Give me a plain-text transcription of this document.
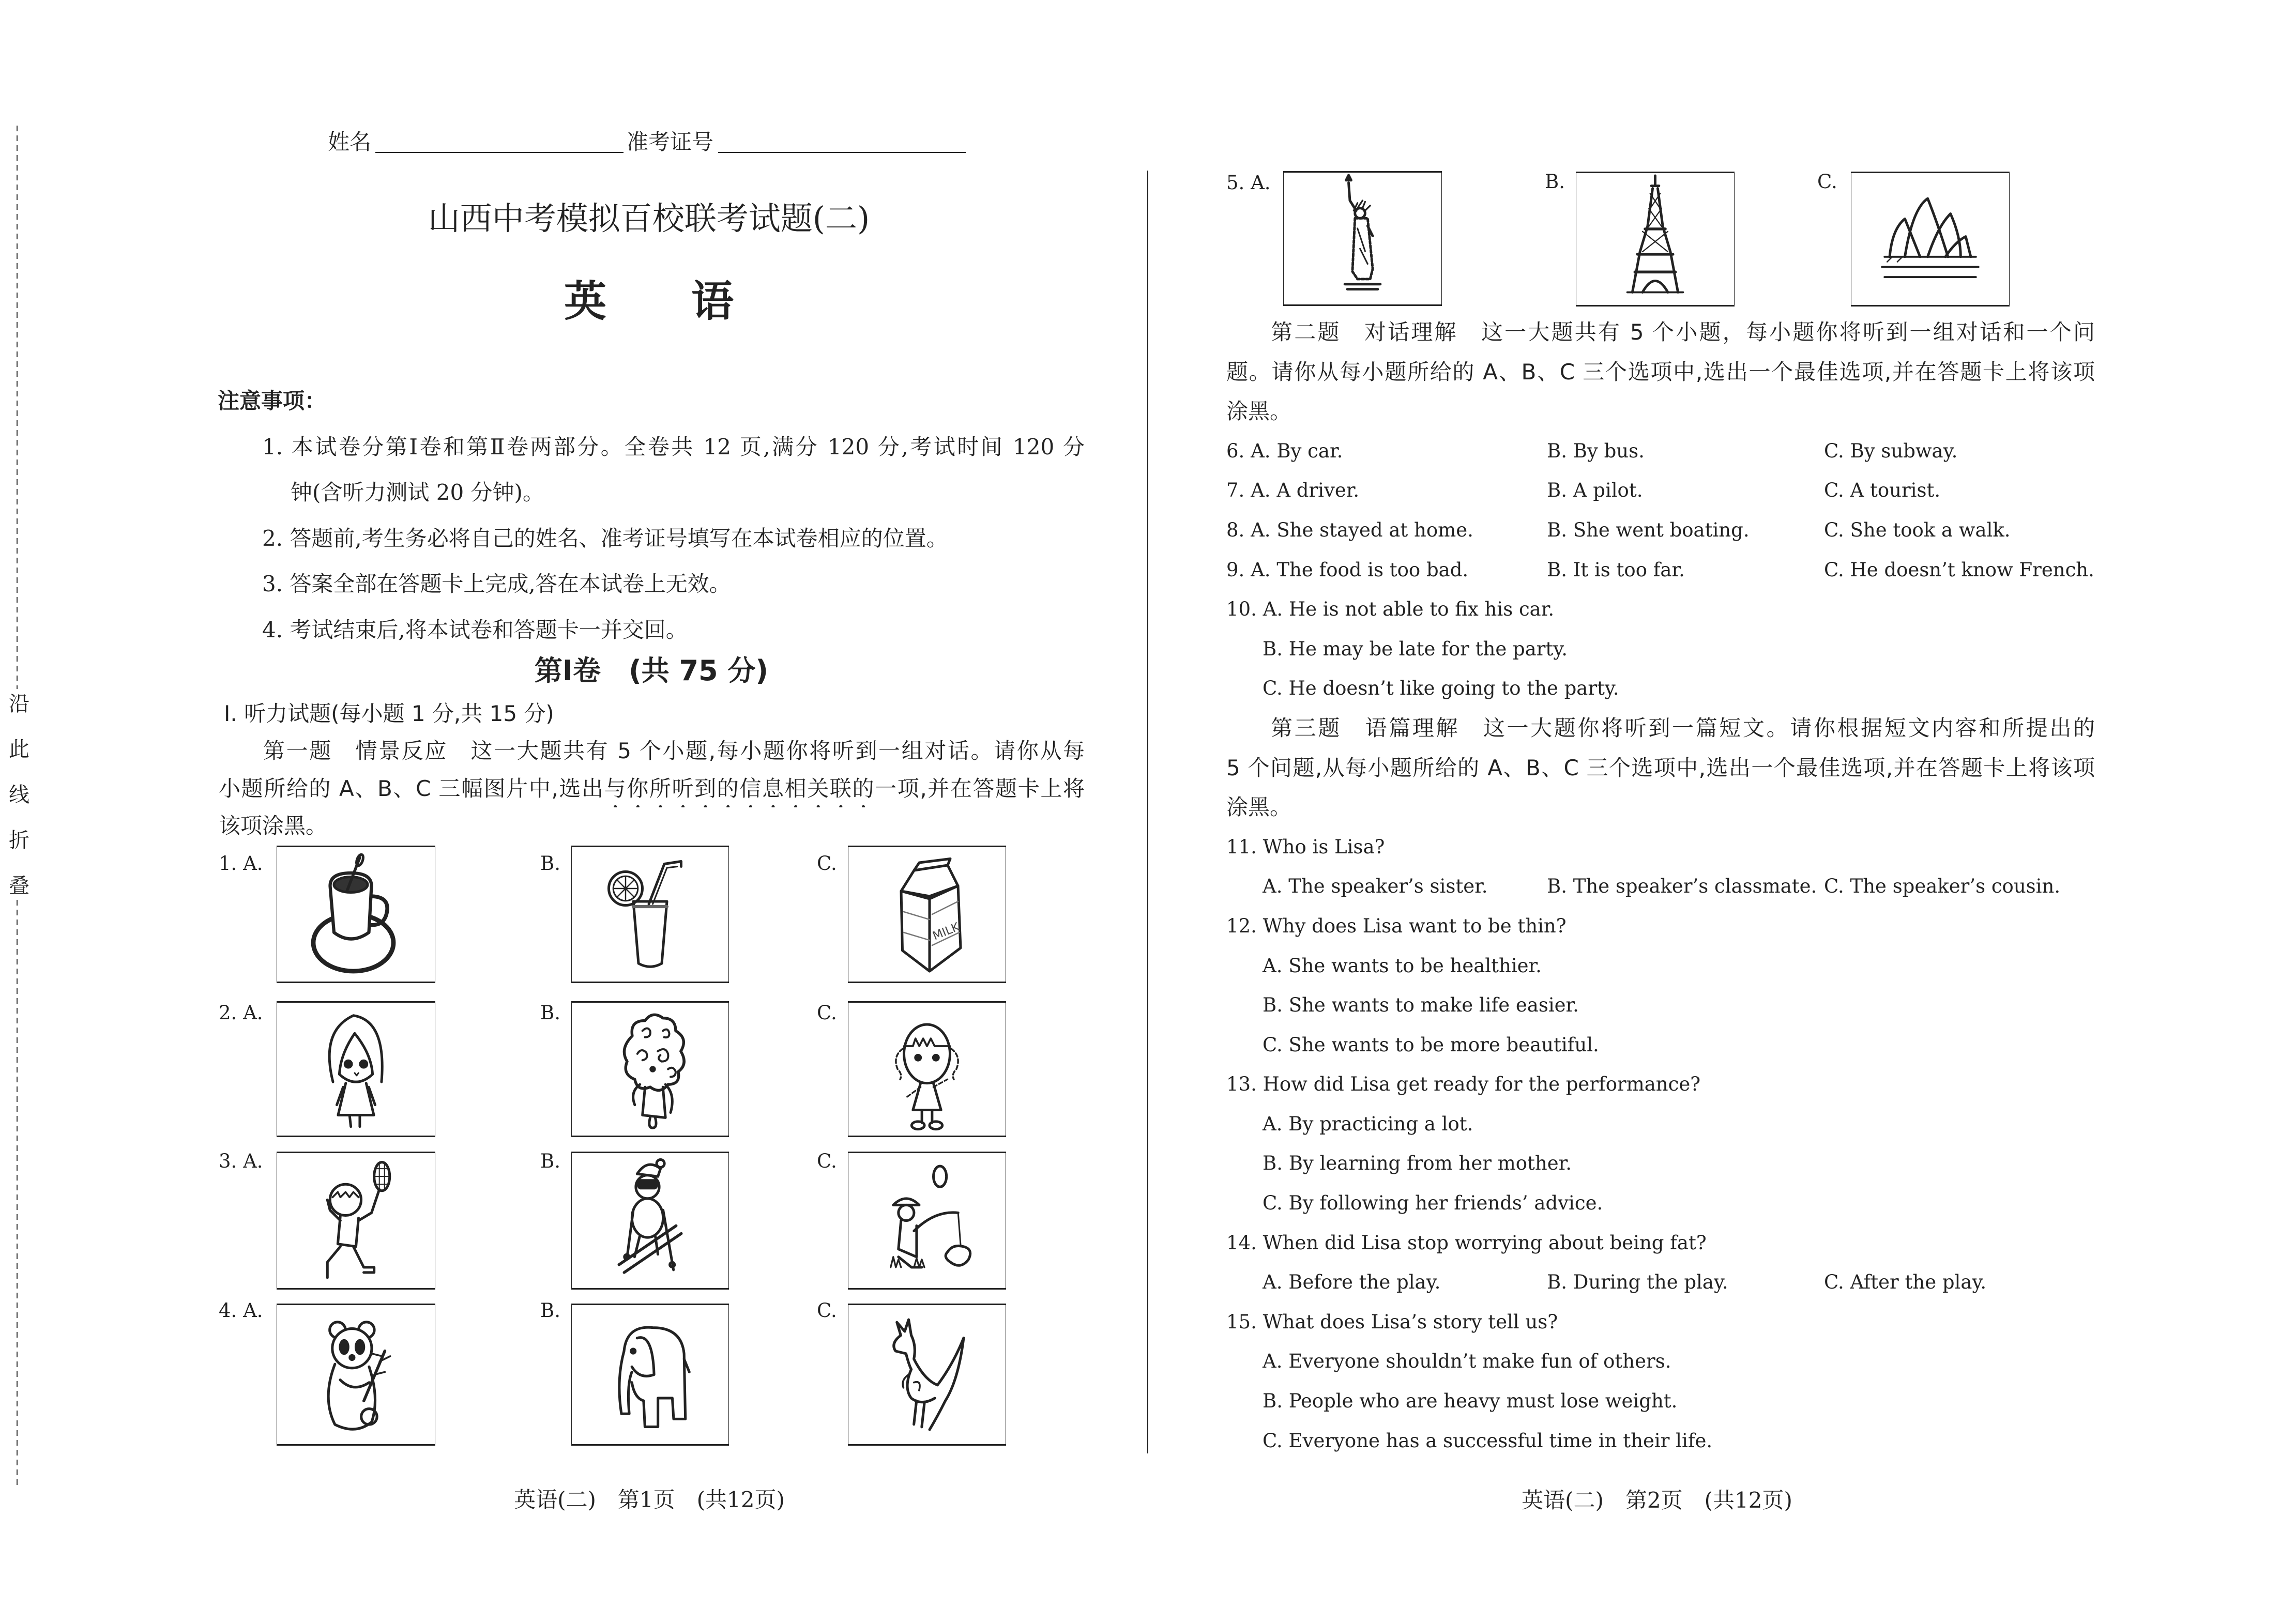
沿
此
线
折
叠
姓名	准考证号
山西中考模拟百校联考试题(二)
英　　语
注意事项：
1. 本试卷分第Ⅰ卷和第Ⅱ卷两部分。全卷共 12 页,满分 120 分,考试时间 120 分
钟(含听力测试 20 分钟)。
2. 答题前,考生务必将自己的姓名、准考证号填写在本试卷相应的位置。
3. 答案全部在答题卡上完成,答在本试卷上无效。
4. 考试结束后,将本试卷和答题卡一并交回。
第Ⅰ卷　(共 75 分)
Ⅰ. 听力试题(每小题 1 分,共 15 分)
第一题　情景反应　这一大题共有 5 个小题,每小题你将听到一组对话。请你从每
小题所给的 A、B、C 三幅图片中,选出与你所听到的信息相关联的一项,并在答题卡上将
该项涂黑。
1. A.	B.	C.
MILK
2. A.	B.	C.
3. A.	B.	C.
4. A.	B.	C.
英语(二)　第1页　(共12页)
5. A.	B.	C.
第二题　对话理解　这一大题共有 5 个小题，每小题你将听到一组对话和一个问
题。请你从每小题所给的 A、B、C 三个选项中,选出一个最佳选项,并在答题卡上将该项
涂黑。
6. A. By car.	B. By bus.	C. By subway.
7. A. A driver.	B. A pilot.	C. A tourist.
8. A. She stayed at home.	B. She went boating.	C. She took a walk.
9. A. The food is too bad.	B. It is too far.	C. He doesn’t know French.
10. A. He is not able to fix his car.
B. He may be late for the party.
C. He doesn’t like going to the party.
第三题　语篇理解　这一大题你将听到一篇短文。请你根据短文内容和所提出的
5 个问题,从每小题所给的 A、B、C 三个选项中,选出一个最佳选项,并在答题卡上将该项
涂黑。
11. Who is Lisa?
A. The speaker’s sister.	B. The speaker’s classmate. C. The speaker’s cousin.
12. Why does Lisa want to be thin?
A. She wants to be healthier.
B. She wants to make life easier.
C. She wants to be more beautiful.
13. How did Lisa get ready for the performance?
A. By practicing a lot.
B. By learning from her mother.
C. By following her friends’ advice.
14. When did Lisa stop worrying about being fat?
A. Before the play.	B. During the play.	C. After the play.
15. What does Lisa’s story tell us?
A. Everyone shouldn’t make fun of others.
B. People who are heavy must lose weight.
C. Everyone has a successful time in their life.
英语(二)　第2页　(共12页)
